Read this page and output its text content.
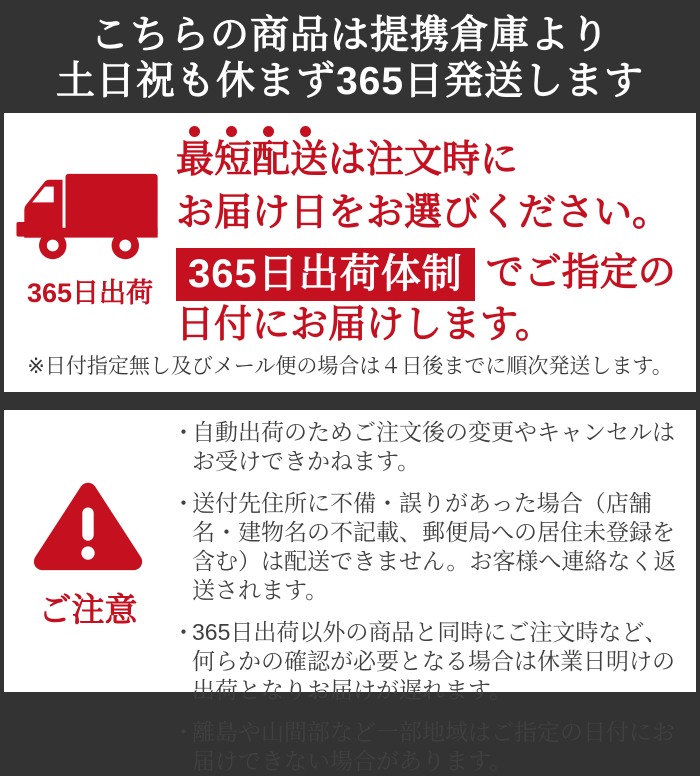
こちらの商品は提携倉庫より
土日祝も休まず365日発送します
365日出荷
最短配送は注文時に
お届け日をお選びください。
365日出荷体制 でご指定の
日付にお届けします。
※日付指定無し及びメール便の場合は４日後までに順次発送します。
ご注意
・
自動出荷のためご注文後の変更やキャンセルはお受けできかねます。
・
送付先住所に不備・誤りがあった場合（店舗名・建物名の不記載、郵便局への居住未登録を含む）は配送できません。お客様へ連絡なく返送されます。
・
365日出荷以外の商品と同時にご注文時など、何らかの確認が必要となる場合は休業日明けの出荷となりお届けが遅れます。
・
離島や山間部など一部地域はご指定の日付にお届けできない場合があります。
